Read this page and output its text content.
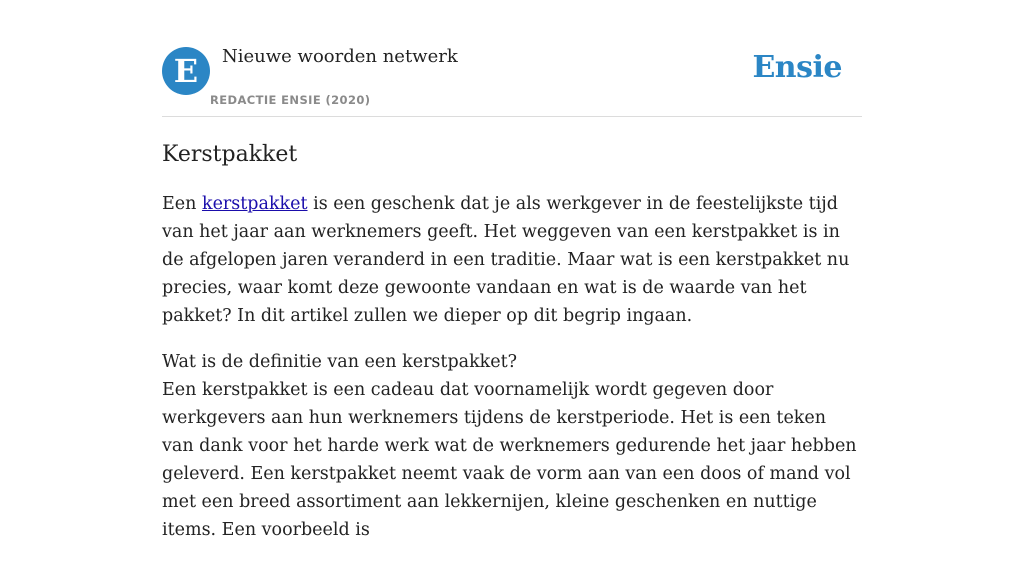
E	Nieuwe woorden netwerk
REDACTIE ENSIE (2020)
Ensie
Kerstpakket

Een kerstpakket is een geschenk dat je als werkgever in de feestelijkste tijd van het jaar aan werknemers geeft. Het weggeven van een kerstpakket is in de afgelopen jaren veranderd in een traditie. Maar wat is een kerstpakket nu precies, waar komt deze gewoonte vandaan en wat is de waarde van het pakket? In dit artikel zullen we dieper op dit begrip ingaan.

Wat is de definitie van een kerstpakket?

Een kerstpakket is een cadeau dat voornamelijk wordt gegeven door werkgevers aan hun werknemers tijdens de kerstperiode. Het is een teken van dank voor het harde werk wat de werknemers gedurende het jaar hebben geleverd. Een kerstpakket neemt vaak de vorm aan van een doos of mand vol met een breed assortiment aan lekkernijen, kleine geschenken en nuttige items. Een voorbeeld is
